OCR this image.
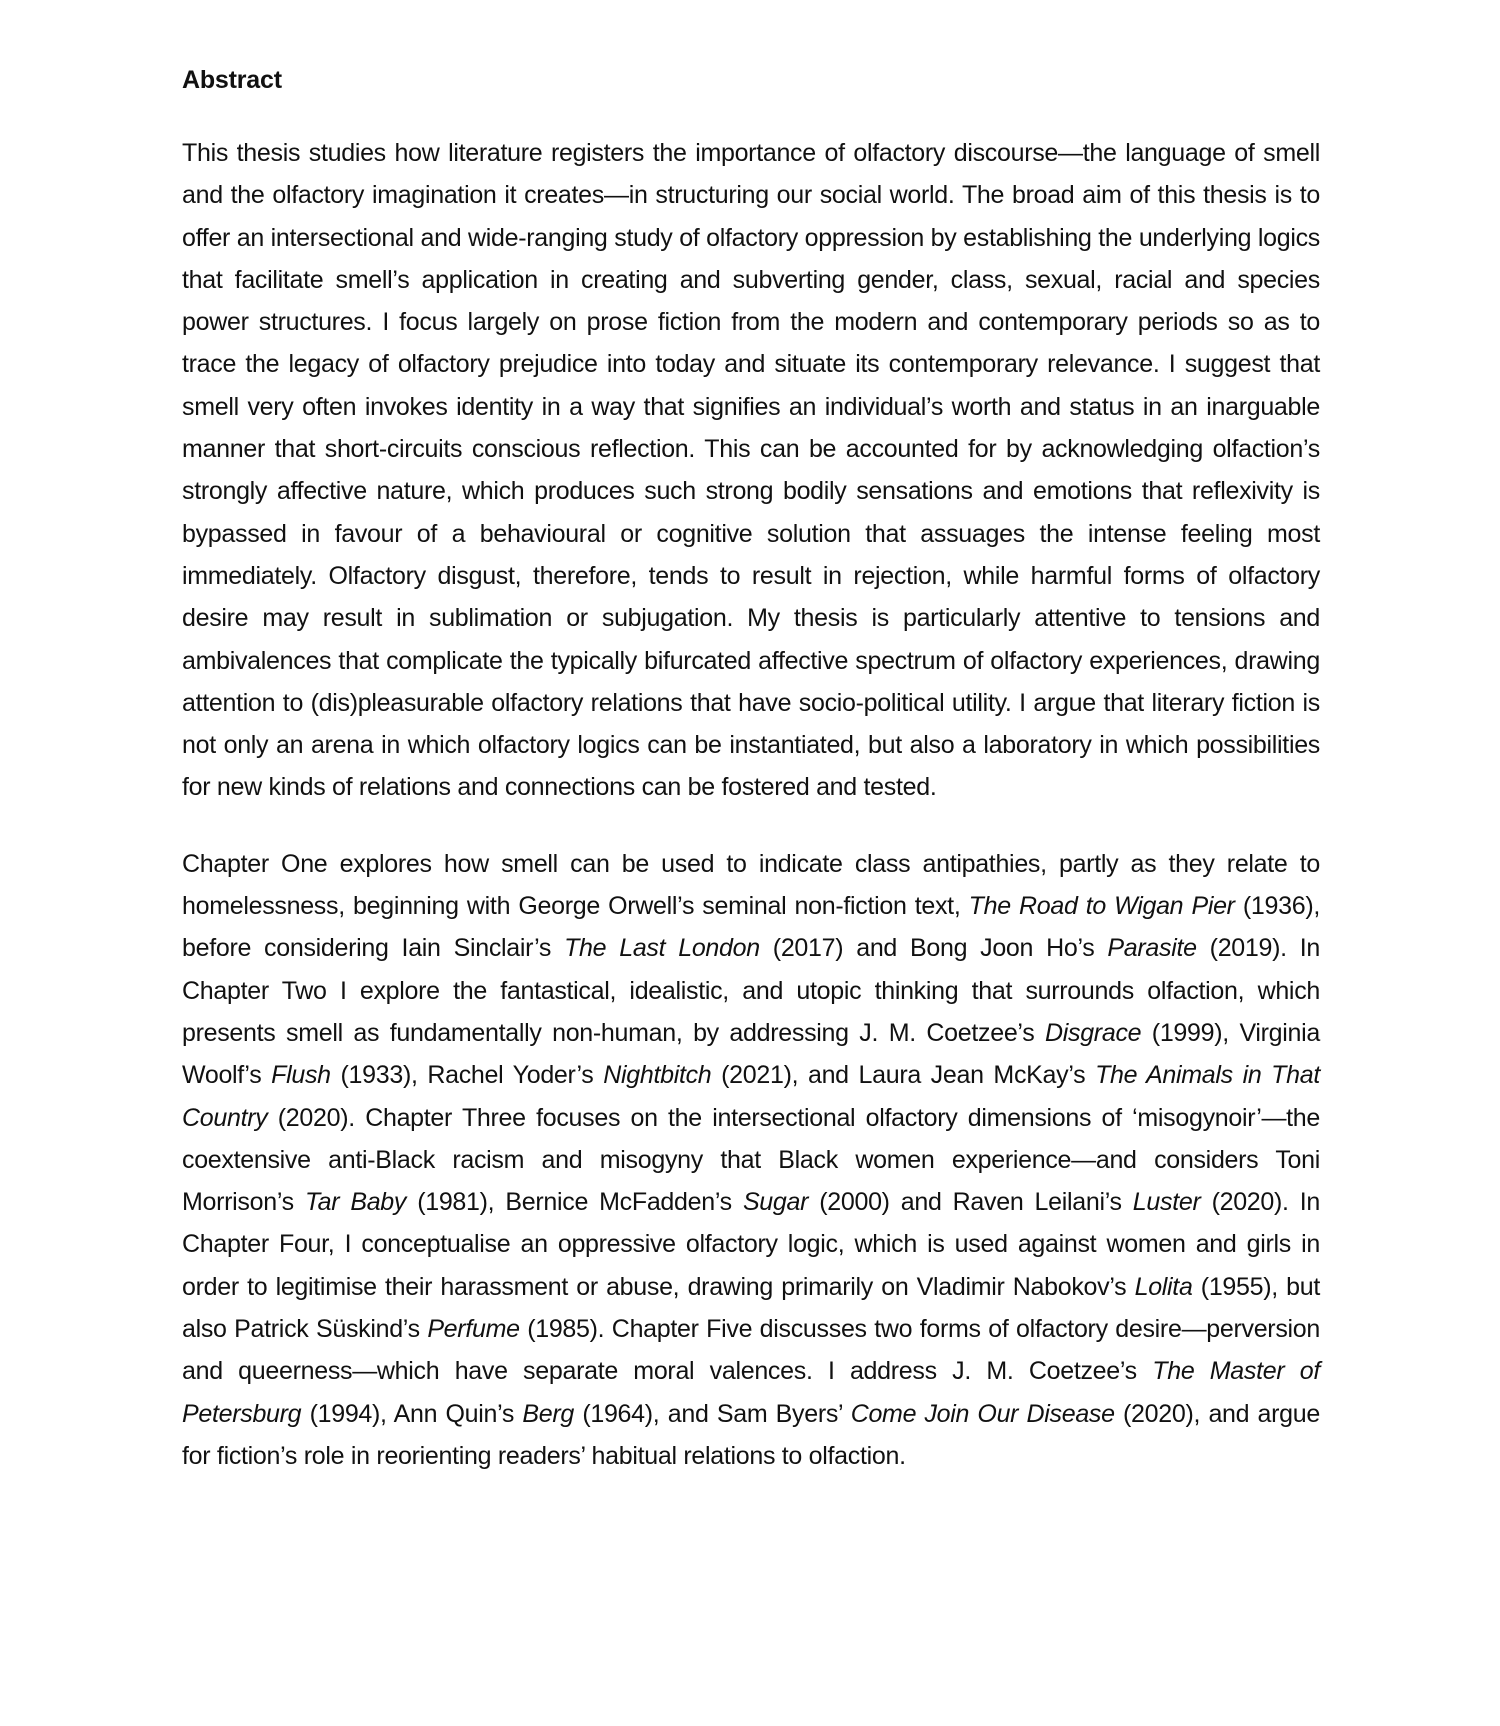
Abstract

This thesis studies how literature registers the importance of olfactory discourse—the language of smell and the olfactory imagination it creates—in structuring our social world. The broad aim of this thesis is to offer an intersectional and wide-ranging study of olfactory oppression by establishing the underlying logics that facilitate smell’s application in creating and subverting gender, class, sexual, racial and species power structures. I focus largely on prose fiction from the modern and contemporary periods so as to trace the legacy of olfactory prejudice into today and situate its contemporary relevance. I suggest that smell very often invokes identity in a way that signifies an individual’s worth and status in an inarguable manner that short-circuits conscious reflection. This can be accounted for by acknowledging olfaction’s strongly affective nature, which produces such strong bodily sensations and emotions that reflexivity is bypassed in favour of a behavioural or cognitive solution that assuages the intense feeling most immediately. Olfactory disgust, therefore, tends to result in rejection, while harmful forms of olfactory desire may result in sublimation or subjugation. My thesis is particularly attentive to tensions and ambivalences that complicate the typically bifurcated affective spectrum of olfactory experiences, drawing attention to (dis)pleasurable olfactory relations that have socio-political utility. I argue that literary fiction is not only an arena in which olfactory logics can be instantiated, but also a laboratory in which possibilities for new kinds of relations and connections can be fostered and tested.

Chapter One explores how smell can be used to indicate class antipathies, partly as they relate to homelessness, beginning with George Orwell’s seminal non-fiction text, The Road to Wigan Pier (1936), before considering Iain Sinclair’s The Last London (2017) and Bong Joon Ho’s Parasite (2019). In Chapter Two I explore the fantastical, idealistic, and utopic thinking that surrounds olfaction, which presents smell as fundamentally non-human, by addressing J. M. Coetzee’s Disgrace (1999), Virginia Woolf’s Flush (1933), Rachel Yoder’s Nightbitch (2021), and Laura Jean McKay’s The Animals in That Country (2020). Chapter Three focuses on the intersectional olfactory dimensions of ‘misogynoir’—the coextensive anti-Black racism and misogyny that Black women experience—and considers Toni Morrison’s Tar Baby (1981), Bernice McFadden’s Sugar (2000) and Raven Leilani’s Luster (2020). In Chapter Four, I conceptualise an oppressive olfactory logic, which is used against women and girls in order to legitimise their harassment or abuse, drawing primarily on Vladimir Nabokov’s Lolita (1955), but also Patrick Süskind’s Perfume (1985). Chapter Five discusses two forms of olfactory desire—perversion and queerness—which have separate moral valences. I address J. M. Coetzee’s The Master of Petersburg (1994), Ann Quin’s Berg (1964), and Sam Byers’ Come Join Our Disease (2020), and argue for fiction’s role in reorienting readers’ habitual relations to olfaction.
